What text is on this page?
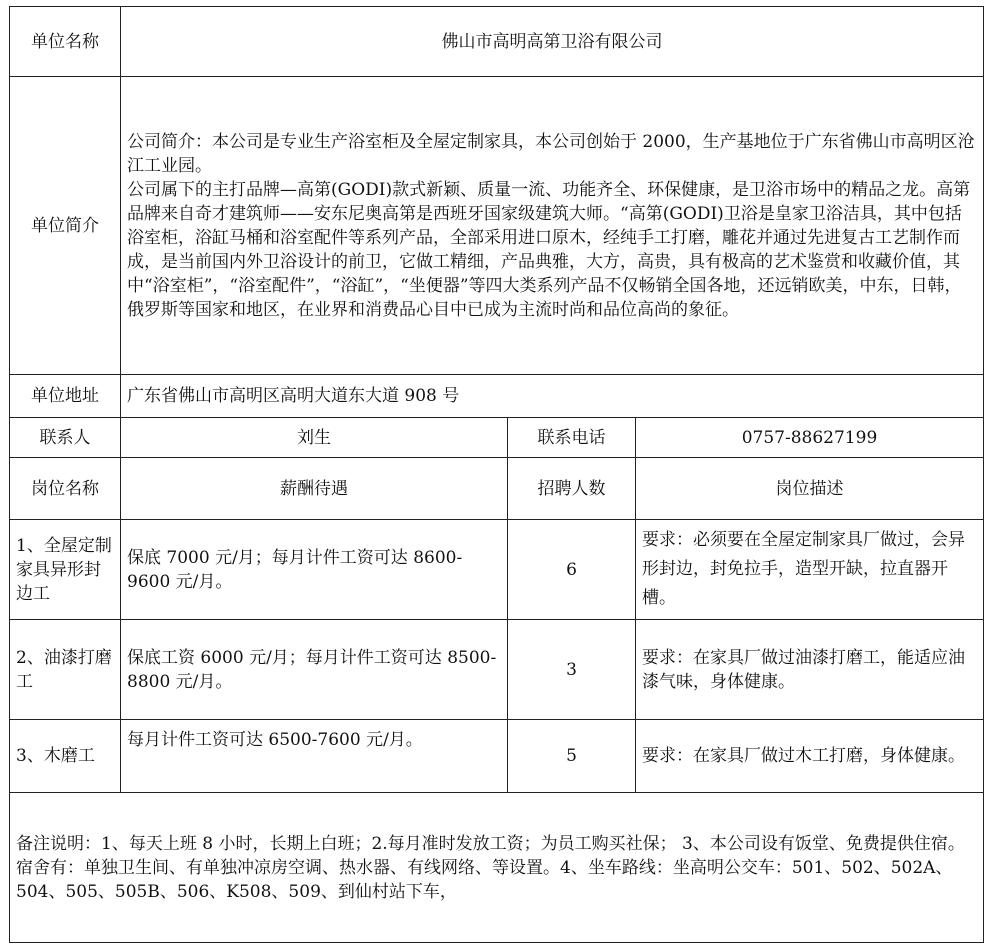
单位名称	佛山市高明高第卫浴有限公司		
单位简介	公司简介：本公司是专业生产浴室柜及全屋定制家具，本公司创始于 2000，生产基地位于广东省佛山市高明区沧江工业园。

公司属下的主打品牌—高第(GODI)款式新颖、质量一流、功能齐全、环保健康，是卫浴市场中的精品之龙。高第品牌来自奇才建筑师——安东尼奥高第是西班牙国家级建筑大师。“高第(GODI)卫浴是皇家卫浴洁具，其中包括浴室柜，浴缸马桶和浴室配件等系列产品，全部采用进口原木，经纯手工打磨，雕花并通过先进复古工艺制作而成，是当前国内外卫浴设计的前卫，它做工精细，产品典雅，大方，高贵，具有极高的艺术鉴赏和收藏价值，其中“浴室柜”，“浴室配件”，“浴缸”，“坐便器”等四大类系列产品不仅畅销全国各地，还远销欧美，中东，日韩，俄罗斯等国家和地区，在业界和消费品心目中已成为主流时尚和品位高尚的象征。		

单位地址	广东省佛山市高明区高明大道东大道 908 号		
联系人	刘生	联系电话	0757-88627199
岗位名称	薪酬待遇	招聘人数	岗位描述
1、全屋定制家具异形封边工	保底 7000 元/月；每月计件工资可达 8600-9600 元/月。	6	要求：必须要在全屋定制家具厂做过，会异形封边，封免拉手，造型开缺，拉直器开槽。
2、油漆打磨工	保底工资 6000 元/月；每月计件工资可达 8500-8800 元/月。	3	要求：在家具厂做过油漆打磨工，能适应油漆气味，身体健康。
3、木磨工	每月计件工资可达 6500-7600 元/月。	5	要求：在家具厂做过木工打磨，身体健康。
备注说明：1、每天上班 8 小时，长期上白班；2.每月准时发放工资；为员工购买社保； 3、本公司设有饭堂、免费提供住宿。宿舍有：单独卫生间、有单独冲凉房空调、热水器、有线网络、等设置。4、坐车路线：坐高明公交车：501、502、502A、504、505、505B、506、K508、509、到仙村站下车，			
